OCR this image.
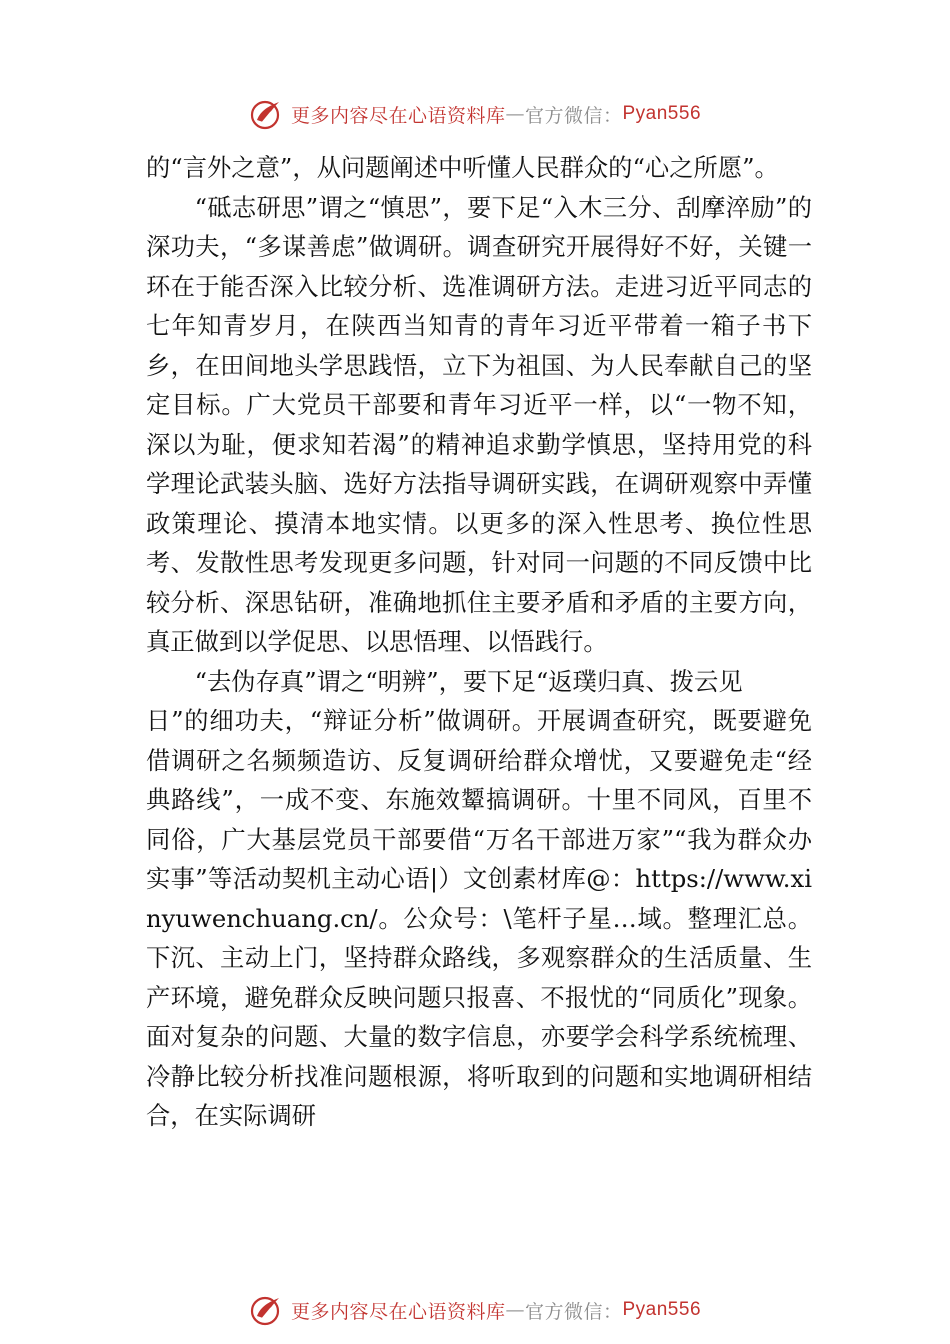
更多内容尽在心语资料库 — 官方微信： Pyan556

的“言外之意”，从问题阐述中听懂人民群众的“心之所愿”。

“砥志研思”谓之“慎思”，要下足“入木三分、刮摩淬励”的深功夫，“多谋善虑”做调研。调查研究开展得好不好，关键一环在于能否深入比较分析、选准调研方法。走进习近平同志的七年知青岁月，在陕西当知青的青年习近平带着一箱子书下乡，在田间地头学思践悟，立下为祖国、为人民奉献自己的坚定目标。广大党员干部要和青年习近平一样，以“一物不知，深以为耻，便求知若渴”的精神追求勤学慎思，坚持用党的科学理论武装头脑、选好方法指导调研实践，在调研观察中弄懂政策理论、摸清本地实情。以更多的深入性思考、换位性思考、发散性思考发现更多问题，针对同一问题的不同反馈中比较分析、深思钻研，准确地抓住主要矛盾和矛盾的主要方向，真正做到以学促思、以思悟理、以悟践行。

“去伪存真”谓之“明辨”，要下足“返璞归真、拨云见

日”的细功夫，“辩证分析”做调研。开展调查研究，既要避免借调研之名频频造访、反复调研给群众增忧，又要避免走“经典路线”，一成不变、东施效颦搞调研。十里不同风，百里不同俗，广大基层党员干部要借“万名干部进万家”“我为群众办实事”等活动契机主动心语|）文创素材库@：https://www.xinyuwenchuang.cn/。公众号：\笔杆子星…域。整理汇总。下沉、主动上门，坚持群众路线，多观察群众的生活质量、生产环境，避免群众反映问题只报喜、不报忧的“同质化”现象。面对复杂的问题、大量的数字信息，亦要学会科学系统梳理、冷静比较分析找准问题根源，将听取到的问题和实地调研相结合，在实际调研

更多内容尽在心语资料库 — 官方微信： Pyan556
